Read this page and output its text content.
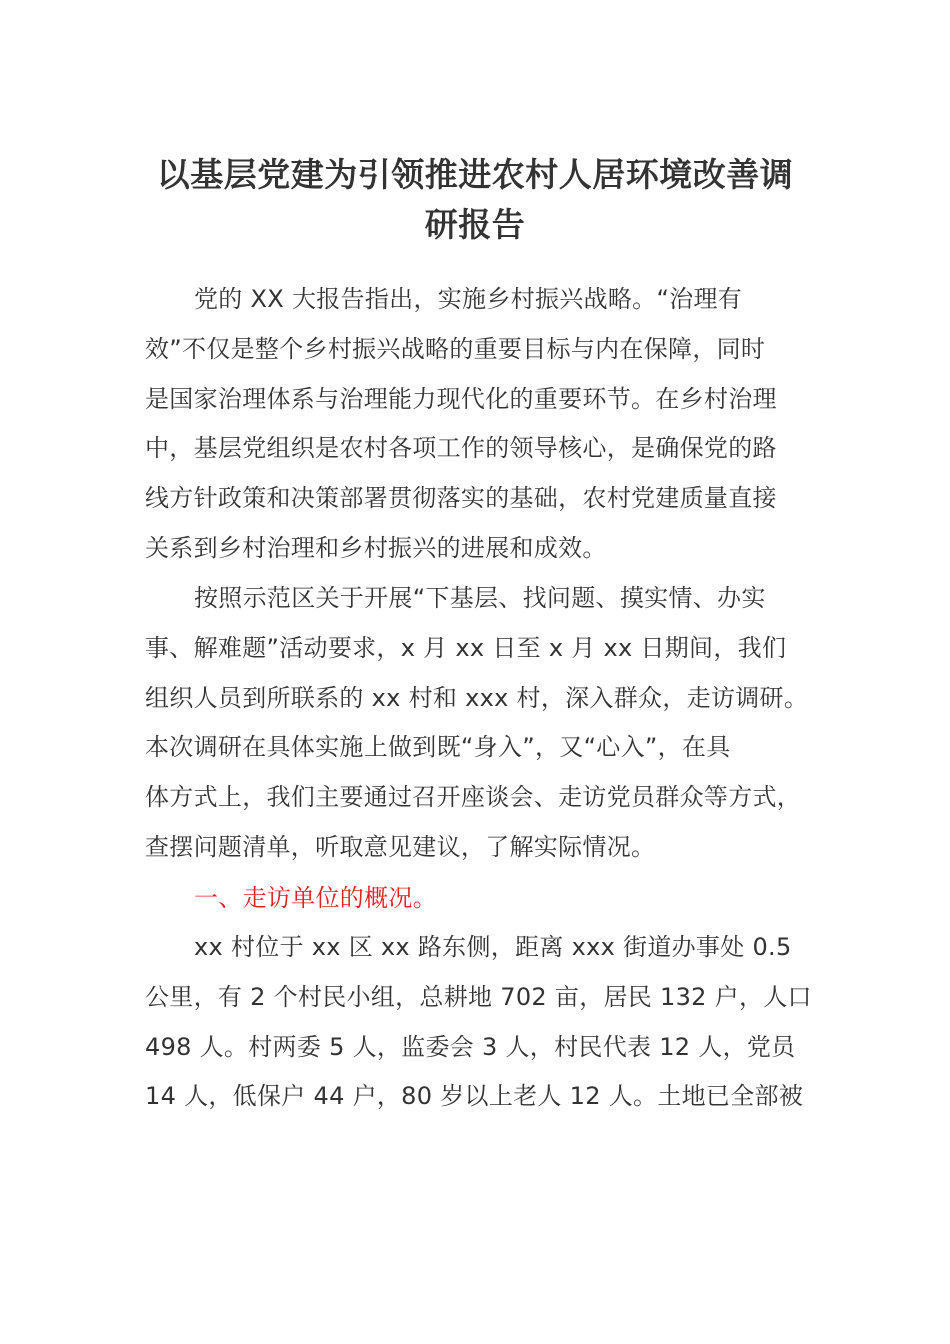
以基层党建为引领推进农村人居环境改善调
研报告
党的 XX 大报告指出，实施乡村振兴战略。“治理有
效”不仅是整个乡村振兴战略的重要目标与内在保障，同时
是国家治理体系与治理能力现代化的重要环节。在乡村治理
中，基层党组织是农村各项工作的领导核心，是确保党的路
线方针政策和决策部署贯彻落实的基础，农村党建质量直接
关系到乡村治理和乡村振兴的进展和成效。
按照示范区关于开展“下基层、找问题、摸实情、办实
事、解难题”活动要求，x 月 xx 日至 x 月 xx 日期间，我们
组织人员到所联系的 xx 村和 xxx 村，深入群众，走访调研。
本次调研在具体实施上做到既“身入”，又“心入”，在具
体方式上，我们主要通过召开座谈会、走访党员群众等方式，
查摆问题清单，听取意见建议，了解实际情况。
一、走访单位的概况。
xx 村位于 xx 区 xx 路东侧，距离 xxx 街道办事处 0.5
公里，有 2 个村民小组，总耕地 702 亩，居民 132 户，人口
498 人。村两委 5 人，监委会 3 人，村民代表 12 人，党员
14 人，低保户 44 户，80 岁以上老人 12 人。土地已全部被
